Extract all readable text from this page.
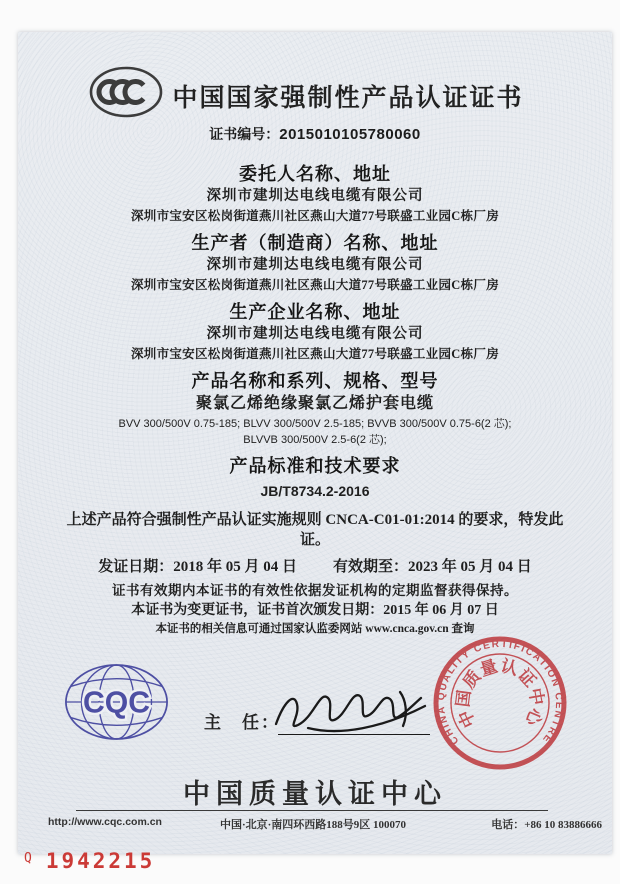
中国国家强制性产品认证证书
证书编号：2015010105780060
委托人名称、地址
深圳市建圳达电线电缆有限公司
深圳市宝安区松岗街道燕川社区燕山大道77号联盛工业园C栋厂房
生产者（制造商）名称、地址
深圳市建圳达电线电缆有限公司
深圳市宝安区松岗街道燕川社区燕山大道77号联盛工业园C栋厂房
生产企业名称、地址
深圳市建圳达电线电缆有限公司
深圳市宝安区松岗街道燕川社区燕山大道77号联盛工业园C栋厂房
产品名称和系列、规格、型号
聚氯乙烯绝缘聚氯乙烯护套电缆
BVV 300/500V 0.75-185; BLVV 300/500V 2.5-185; BVVB 300/500V 0.75-6(2 芯); BLVVB 300/500V 2.5-6(2 芯);
产品标准和技术要求
JB/T8734.2-2016
上述产品符合强制性产品认证实施规则 CNCA-C01-01:2014 的要求，特发此证。
发证日期：2018 年 05 月 04 日 有效期至：2023 年 05 月 04 日
证书有效期内本证书的有效性依据发证机构的定期监督获得保持。
本证书为变更证书，证书首次颁发日期：2015 年 06 月 07 日
本证书的相关信息可通过国家认监委网站 www.cnca.gov.cn 查询
CQC
主　任：
CHINA QUALITY CERTIFICATION CENTRE
中国质量认证中心
中国质量认证中心
http://www.cqc.com.cn	中国·北京·南四环西路188号9区 100070	电话：+86 10 83886666
$^Q$ 1942215
